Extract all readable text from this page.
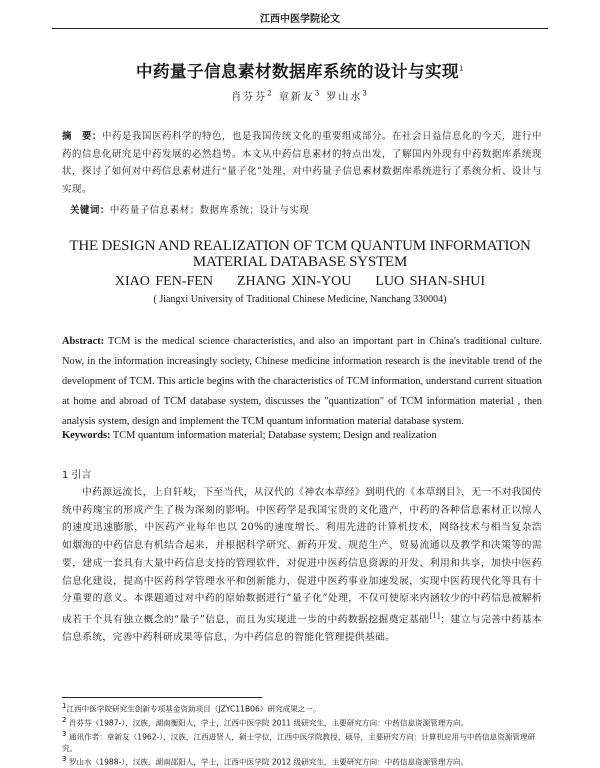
江西中医学院论文
中药量子信息素材数据库系统的设计与实现$^1$
肖芬芬$^2$ 章新友$^3$ 罗山水$^3$
摘　要：中药是我国医药科学的特色，也是我国传统文化的重要组成部分。在社会日益信息化的今天，进行中药的信息化研究是中药发展的必然趋势。本文从中药信息素材的特点出发，了解国内外现有中药数据库系统现状，探讨了如何对中药信息素材进行“量子化”处理，对中药量子信息素材数据库系统进行了系统分析、设计与实现。
关键词：中药量子信息素材；数据库系统；设计与实现
THE DESIGN AND REALIZATION OF TCM QUANTUM INFORMATION
MATERIAL DATABASE SYSTEM
XIAO FEN-FEN ZHANG XIN-YOU LUO SHAN-SHUI
( Jiangxi University of Traditional Chinese Medicine, Nanchang 330004)
Abstract: TCM is the medical science characteristics, and also an important part in China's traditional culture. Now, in the information increasingly society, Chinese medicine information research is the inevitable trend of the development of TCM. This article begins with the characteristics of TCM information, understand current situation at home and abroad of TCM database system, discusses the "quantization" of TCM information material , then analysis system, design and implement the TCM quantum information material database system.
Keywords: TCM quantum information material; Database system; Design and realization
1 引言
中药源远流长，上自轩岐，下至当代，从汉代的《神农本草经》到明代的《本草纲目》，无一不对我国传统中药瑰宝的形成产生了极为深刻的影响。中医药学是我国宝贵的文化遗产，中药的各种信息素材正以惊人的速度迅速膨胀，中医药产业每年也以 20%的速度增长。利用先进的计算机技术，网络技术与相当复杂浩如烟海的中药信息有机结合起来，并根据科学研究、新药开发、规范生产、贸易流通以及教学和决策等的需要，建成一套具有大量中药信息支持的管理软件，对促进中医药信息资源的开发、利用和共享，加快中医药信息化建设，提高中医药科学管理水平和创新能力，促进中医药事业加速发展，实现中医药现代化等具有十分重要的意义。本课题通过对中药的原始数据进行“量子化”处理，不仅可使原来内涵较少的中药信息被解析成若干个具有独立概念的“量子”信息，而且为实现进一步的中药数据挖掘奠定基础[1]；建立与完善中药基本信息系统，完善中药科研成果等信息，为中药信息的智能化管理提供基础。
$^1$江西中医学院研究生创新专项基金资助项目（JZYC11B06）研究成果之一。
$^2$ 肖芬芬（1987-），汉族，湖南衡阳人，学士，江西中医学院 2011 级研究生，主要研究方向：中药信息资源管理方向。
$^3$ 通讯作者：章新友（1962-），汉族，江西进贤人，硕士学位，江西中医学院教授、硕导，主要研究方向：计算机应用与中药信息资源管理研究。
$^3$ 罗山水（1988-），汉族，湖南邵阳人，学士，江西中医学院 2012 级研究生，主要研究方向：中药信息资源管理方向。
